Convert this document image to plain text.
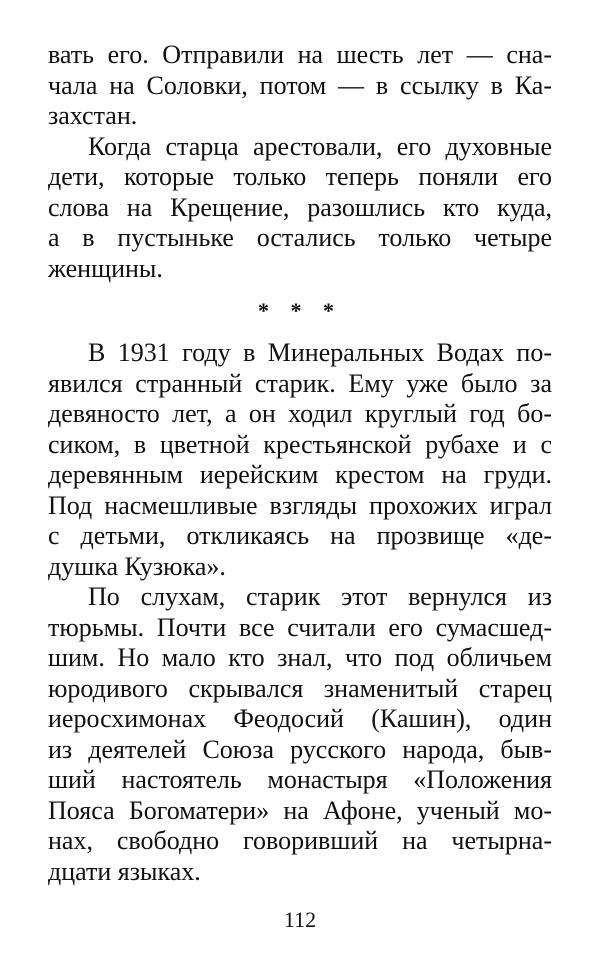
вать его. Отправили на шесть лет — сна-
чала на Соловки, потом — в ссылку в Ка-
захстан.
Когда старца арестовали, его духовные
дети, которые только теперь поняли его
слова на Крещение, разошлись кто куда,
а в пустыньке остались только четыре
женщины.
* * *
В 1931 году в Минеральных Водах по-
явился странный старик. Ему уже было за
девяносто лет, а он ходил круглый год бо-
сиком, в цветной крестьянской рубахе и с
деревянным иерейским крестом на груди.
Под насмешливые взгляды прохожих играл
с детьми, откликаясь на прозвище «де-
душка Кузюка».
По слухам, старик этот вернулся из
тюрьмы. Почти все считали его сумасшед-
шим. Но мало кто знал, что под обличьем
юродивого скрывался знаменитый старец
иеросхимонах Феодосий (Кашин), один
из деятелей Союза русского народа, быв-
ший настоятель монастыря «Положения
Пояса Богоматери» на Афоне, ученый мо-
нах, свободно говоривший на четырна-
дцати языках.
112
